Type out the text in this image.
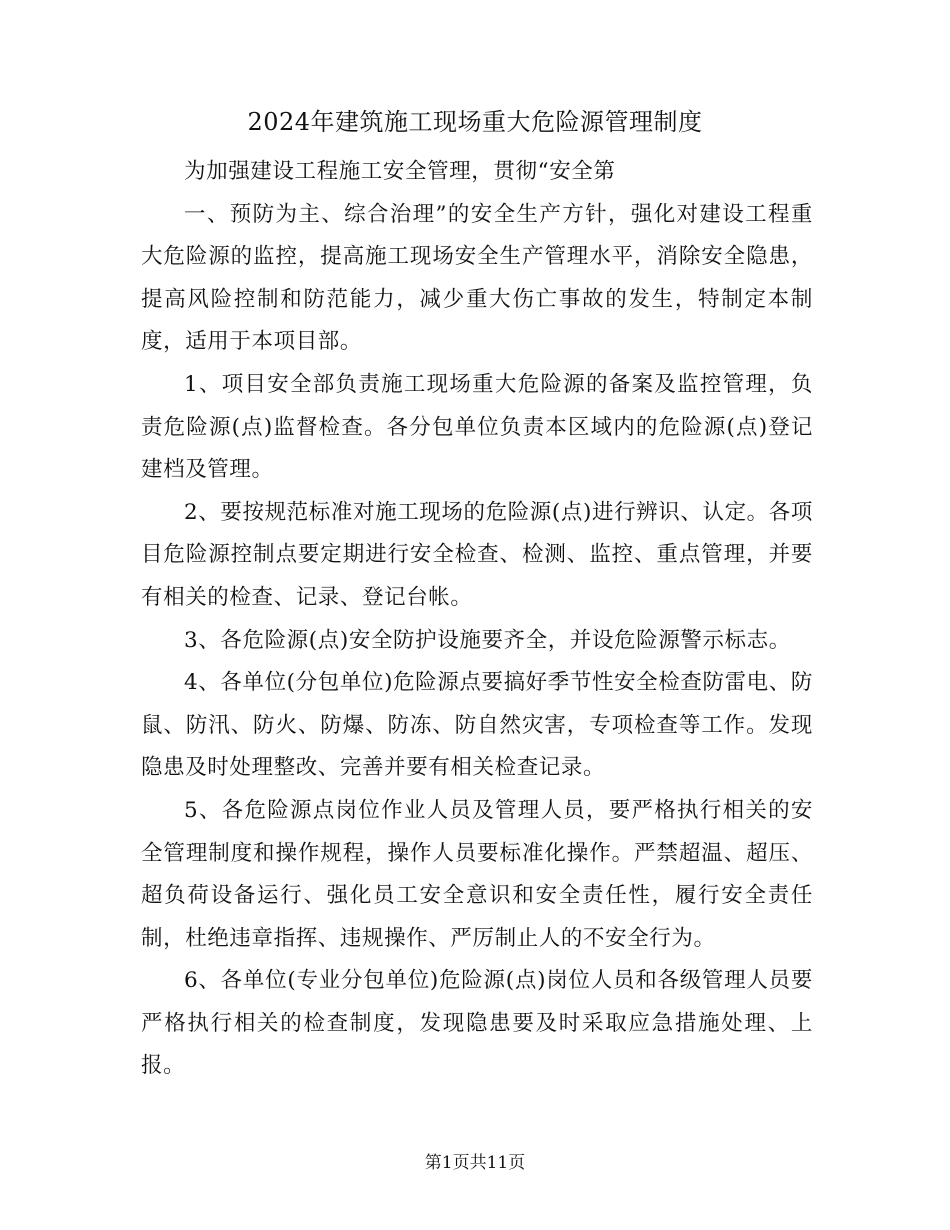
2024年建筑施工现场重大危险源管理制度

为加强建设工程施工安全管理，贯彻“安全第

一、预防为主、综合治理”的安全生产方针，强化对建设工程重大危险源的监控，提高施工现场安全生产管理水平，消除安全隐患，提高风险控制和防范能力，减少重大伤亡事故的发生，特制定本制度，适用于本项目部。

1、项目安全部负责施工现场重大危险源的备案及监控管理，负责危险源(点)监督检查。各分包单位负责本区域内的危险源(点)登记建档及管理。

2、要按规范标准对施工现场的危险源(点)进行辨识、认定。各项目危险源控制点要定期进行安全检查、检测、监控、重点管理，并要有相关的检查、记录、登记台帐。

3、各危险源(点)安全防护设施要齐全，并设危险源警示标志。

4、各单位(分包单位)危险源点要搞好季节性安全检查防雷电、防鼠、防汛、防火、防爆、防冻、防自然灾害，专项检查等工作。发现隐患及时处理整改、完善并要有相关检查记录。

5、各危险源点岗位作业人员及管理人员，要严格执行相关的安全管理制度和操作规程，操作人员要标准化操作。严禁超温、超压、超负荷设备运行、强化员工安全意识和安全责任性，履行安全责任制，杜绝违章指挥、违规操作、严厉制止人的不安全行为。

6、各单位(专业分包单位)危险源(点)岗位人员和各级管理人员要严格执行相关的检查制度，发现隐患要及时采取应急措施处理、上报。

第1页共11页
